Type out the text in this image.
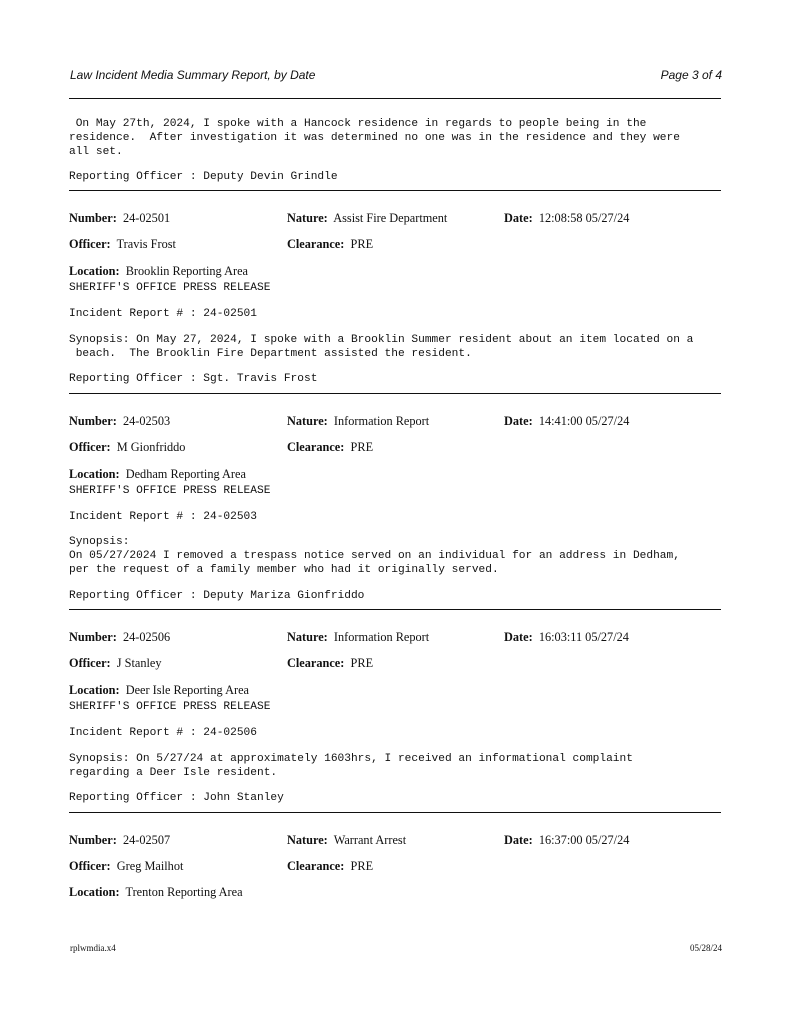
Law Incident Media Summary Report, by Date	Page 3 of 4
On May 27th, 2024, I spoke with a Hancock residence in regards to people being in the
residence.  After investigation it was determined no one was in the residence and they were
all set.
Reporting Officer : Deputy Devin Grindle
Number: 24-02501	Nature: Assist Fire Department	Date: 12:08:58 05/27/24
Officer: Travis Frost	Clearance: PRE
Location: Brooklin Reporting Area
SHERIFF'S OFFICE PRESS RELEASE
Incident Report # : 24-02501
Synopsis: On May 27, 2024, I spoke with a Brooklin Summer resident about an item located on a
beach.  The Brooklin Fire Department assisted the resident.
Reporting Officer : Sgt. Travis Frost
Number: 24-02503	Nature: Information Report	Date: 14:41:00 05/27/24
Officer: M Gionfriddo	Clearance: PRE
Location: Dedham Reporting Area
SHERIFF'S OFFICE PRESS RELEASE
Incident Report # : 24-02503
Synopsis:
On 05/27/2024 I removed a trespass notice served on an individual for an address in Dedham,
per the request of a family member who had it originally served.
Reporting Officer : Deputy Mariza Gionfriddo
Number: 24-02506	Nature: Information Report	Date: 16:03:11 05/27/24
Officer: J Stanley	Clearance: PRE
Location: Deer Isle Reporting Area
SHERIFF'S OFFICE PRESS RELEASE
Incident Report # : 24-02506
Synopsis: On 5/27/24 at approximately 1603hrs, I received an informational complaint
regarding a Deer Isle resident.
Reporting Officer : John Stanley
Number: 24-02507	Nature: Warrant Arrest	Date: 16:37:00 05/27/24
Officer: Greg Mailhot	Clearance: PRE
Location: Trenton Reporting Area
rplwmdia.x4	05/28/24
